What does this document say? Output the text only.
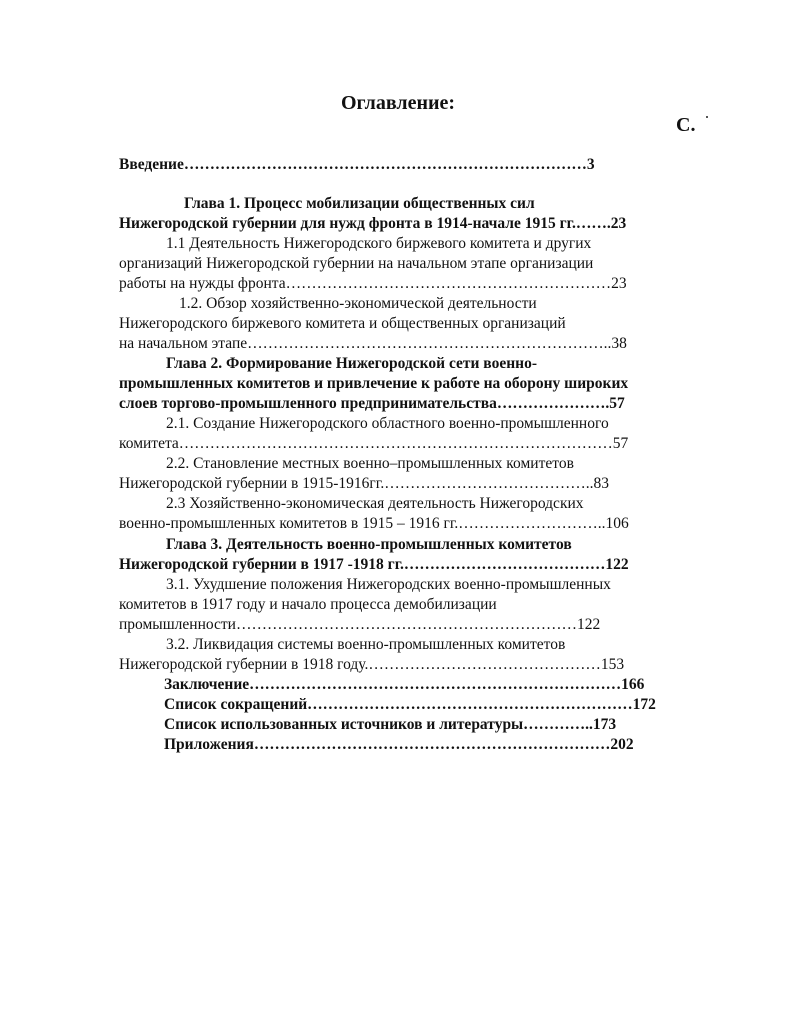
Оглавление:
С.
Введение……………………………………………………………………3
Глава 1. Процесс мобилизации общественных сил
Нижегородской губернии для нужд фронта в 1914-начале 1915 гг.…….23
1.1 Деятельность Нижегородского биржевого комитета и других
организаций Нижегородской губернии на начальном этапе организации
работы на нужды фронта………………………………………………………23
1.2. Обзор хозяйственно-экономической деятельности
Нижегородского биржевого комитета и общественных организаций
на начальном этапе……………………………………………………………..38
Глава 2. Формирование Нижегородской сети военно-
промышленных комитетов и привлечение к работе на оборону широких
слоев торгово-промышленного предпринимательства………………….57
2.1. Создание Нижегородского областного военно-промышленного
комитета…………………………………………………………………………57
2.2. Становление местных военно–промышленных комитетов
Нижегородской губернии в 1915-1916гг.…………………………………..83
2.3 Хозяйственно-экономическая деятельность Нижегородских
военно-промышленных комитетов в 1915 – 1916 гг.………………………..106
Глава 3. Деятельность военно-промышленных комитетов
Нижегородской губернии в 1917 -1918 гг.…………………………………122
3.1. Ухудшение положения Нижегородских военно-промышленных
комитетов в 1917 году и начало процесса демобилизации
промышленности…………………………………………………………122
3.2. Ликвидация системы военно-промышленных комитетов
Нижегородской губернии в 1918 году.………………………………………153
Заключение………………………………………………………………166
Список сокращений………………………………………………………172
Список использованных источников и литературы…………..173
Приложения……………………………………………………………202
